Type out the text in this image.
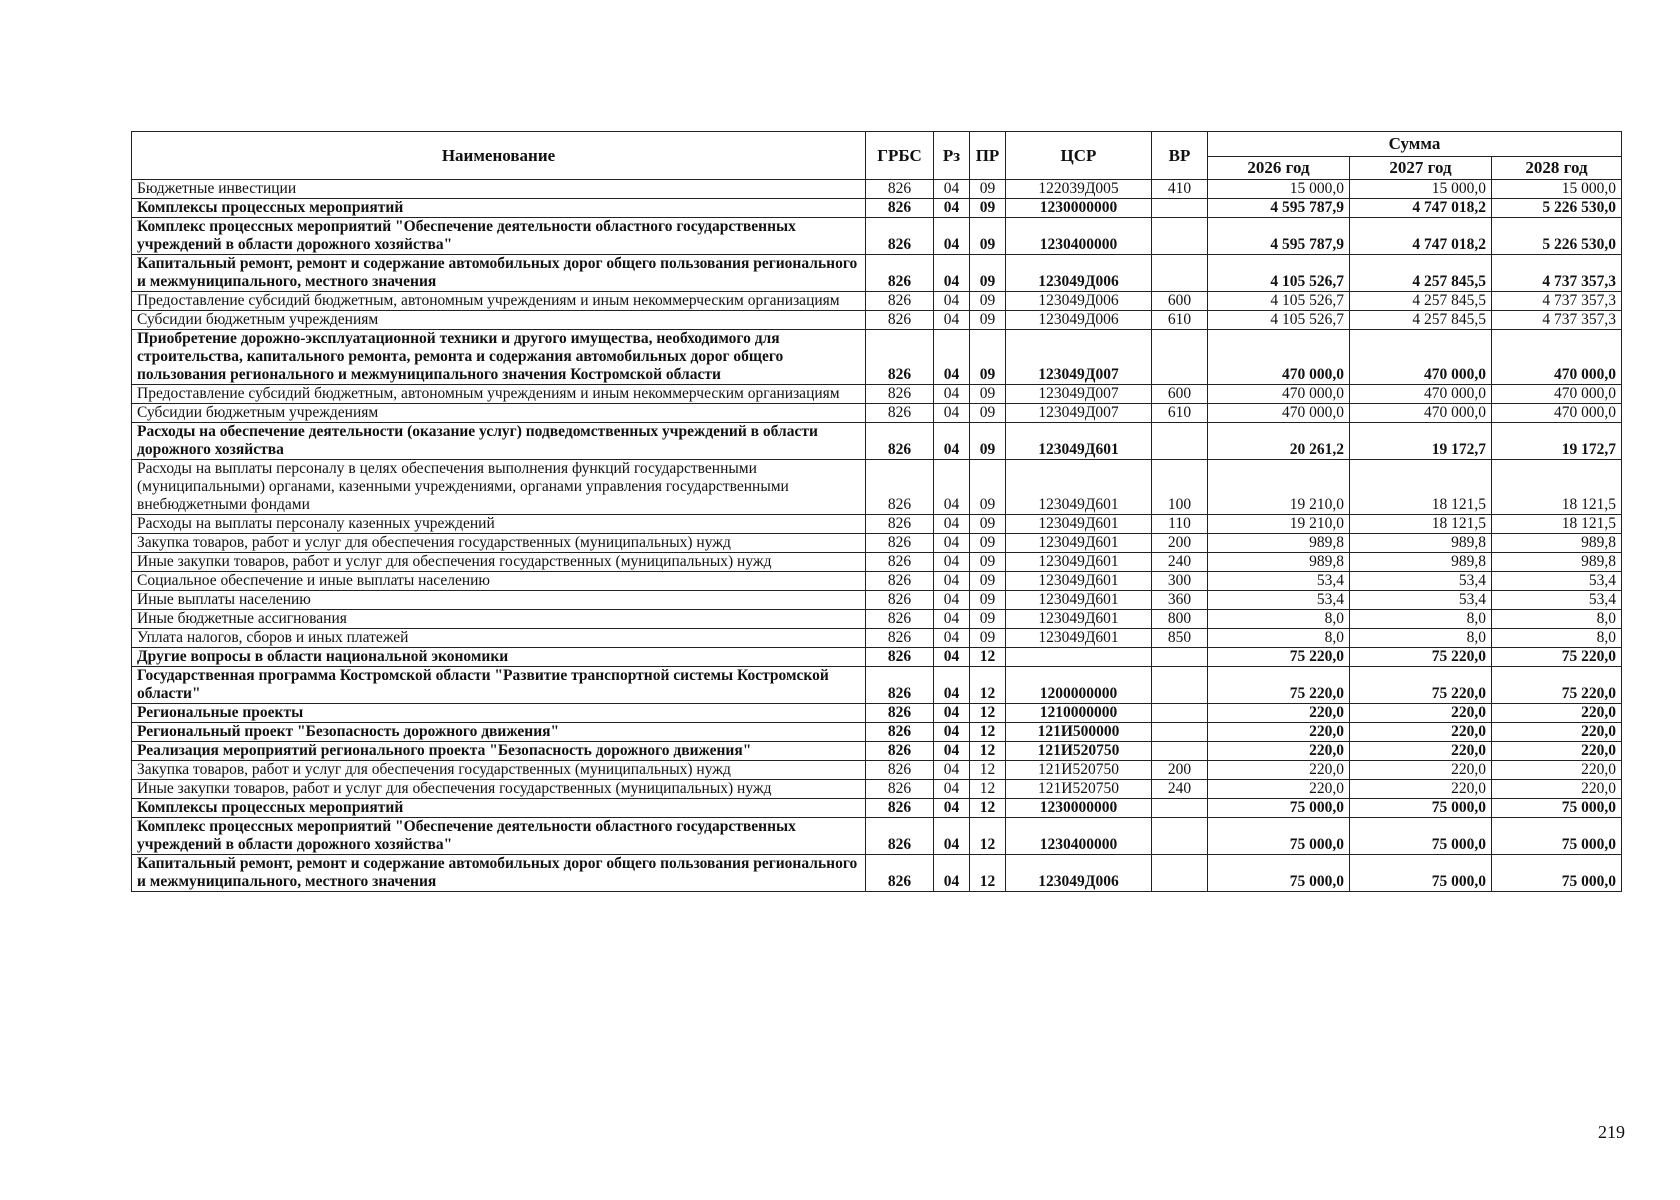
Наименование	ГРБС	Рз	ПР	ЦСР	ВР	Сумма		
						2026 год	2027 год	2028 год
Бюджетные инвестиции	826	04	09	122039Д005	410	15 000,0	15 000,0	15 000,0
Комплексы процессных мероприятий	826	04	09	1230000000		4 595 787,9	4 747 018,2	5 226 530,0
Комплекс процессных мероприятий "Обеспечение деятельности областного государственных учреждений в области дорожного хозяйства"	826	04	09	1230400000		4 595 787,9	4 747 018,2	5 226 530,0
Капитальный ремонт, ремонт и содержание автомобильных дорог общего пользования регионального и межмуниципального, местного значения	826	04	09	123049Д006		4 105 526,7	4 257 845,5	4 737 357,3
Предоставление субсидий бюджетным, автономным учреждениям и иным некоммерческим организациям	826	04	09	123049Д006	600	4 105 526,7	4 257 845,5	4 737 357,3
Субсидии бюджетным учреждениям	826	04	09	123049Д006	610	4 105 526,7	4 257 845,5	4 737 357,3
Приобретение дорожно-эксплуатационной техники и другого имущества, необходимого для строительства, капитального ремонта, ремонта и содержания автомобильных дорог общего пользования регионального и межмуниципального значения Костромской области	826	04	09	123049Д007		470 000,0	470 000,0	470 000,0
Предоставление субсидий бюджетным, автономным учреждениям и иным некоммерческим организациям	826	04	09	123049Д007	600	470 000,0	470 000,0	470 000,0
Субсидии бюджетным учреждениям	826	04	09	123049Д007	610	470 000,0	470 000,0	470 000,0
Расходы на обеспечение деятельности (оказание услуг) подведомственных учреждений в области дорожного хозяйства	826	04	09	123049Д601		20 261,2	19 172,7	19 172,7
Расходы на выплаты персоналу в целях обеспечения выполнения функций государственными (муниципальными) органами, казенными учреждениями, органами управления государственными внебюджетными фондами	826	04	09	123049Д601	100	19 210,0	18 121,5	18 121,5
Расходы на выплаты персоналу казенных учреждений	826	04	09	123049Д601	110	19 210,0	18 121,5	18 121,5
Закупка товаров, работ и услуг для обеспечения государственных (муниципальных) нужд	826	04	09	123049Д601	200	989,8	989,8	989,8
Иные закупки товаров, работ и услуг для обеспечения государственных (муниципальных) нужд	826	04	09	123049Д601	240	989,8	989,8	989,8
Социальное обеспечение и иные выплаты населению	826	04	09	123049Д601	300	53,4	53,4	53,4
Иные выплаты населению	826	04	09	123049Д601	360	53,4	53,4	53,4
Иные бюджетные ассигнования	826	04	09	123049Д601	800	8,0	8,0	8,0
Уплата налогов, сборов и иных платежей	826	04	09	123049Д601	850	8,0	8,0	8,0
Другие вопросы в области национальной экономики	826	04	12			75 220,0	75 220,0	75 220,0
Государственная программа Костромской области "Развитие транспортной системы Костромской области"	826	04	12	1200000000		75 220,0	75 220,0	75 220,0
Региональные проекты	826	04	12	1210000000		220,0	220,0	220,0
Региональный проект "Безопасность дорожного движения"	826	04	12	121И500000		220,0	220,0	220,0
Реализация мероприятий регионального проекта "Безопасность дорожного движения"	826	04	12	121И520750		220,0	220,0	220,0
Закупка товаров, работ и услуг для обеспечения государственных (муниципальных) нужд	826	04	12	121И520750	200	220,0	220,0	220,0
Иные закупки товаров, работ и услуг для обеспечения государственных (муниципальных) нужд	826	04	12	121И520750	240	220,0	220,0	220,0
Комплексы процессных мероприятий	826	04	12	1230000000		75 000,0	75 000,0	75 000,0
Комплекс процессных мероприятий "Обеспечение деятельности областного государственных учреждений в области дорожного хозяйства"	826	04	12	1230400000		75 000,0	75 000,0	75 000,0
Капитальный ремонт, ремонт и содержание автомобильных дорог общего пользования регионального и межмуниципального, местного значения	826	04	12	123049Д006		75 000,0	75 000,0	75 000,0
219
